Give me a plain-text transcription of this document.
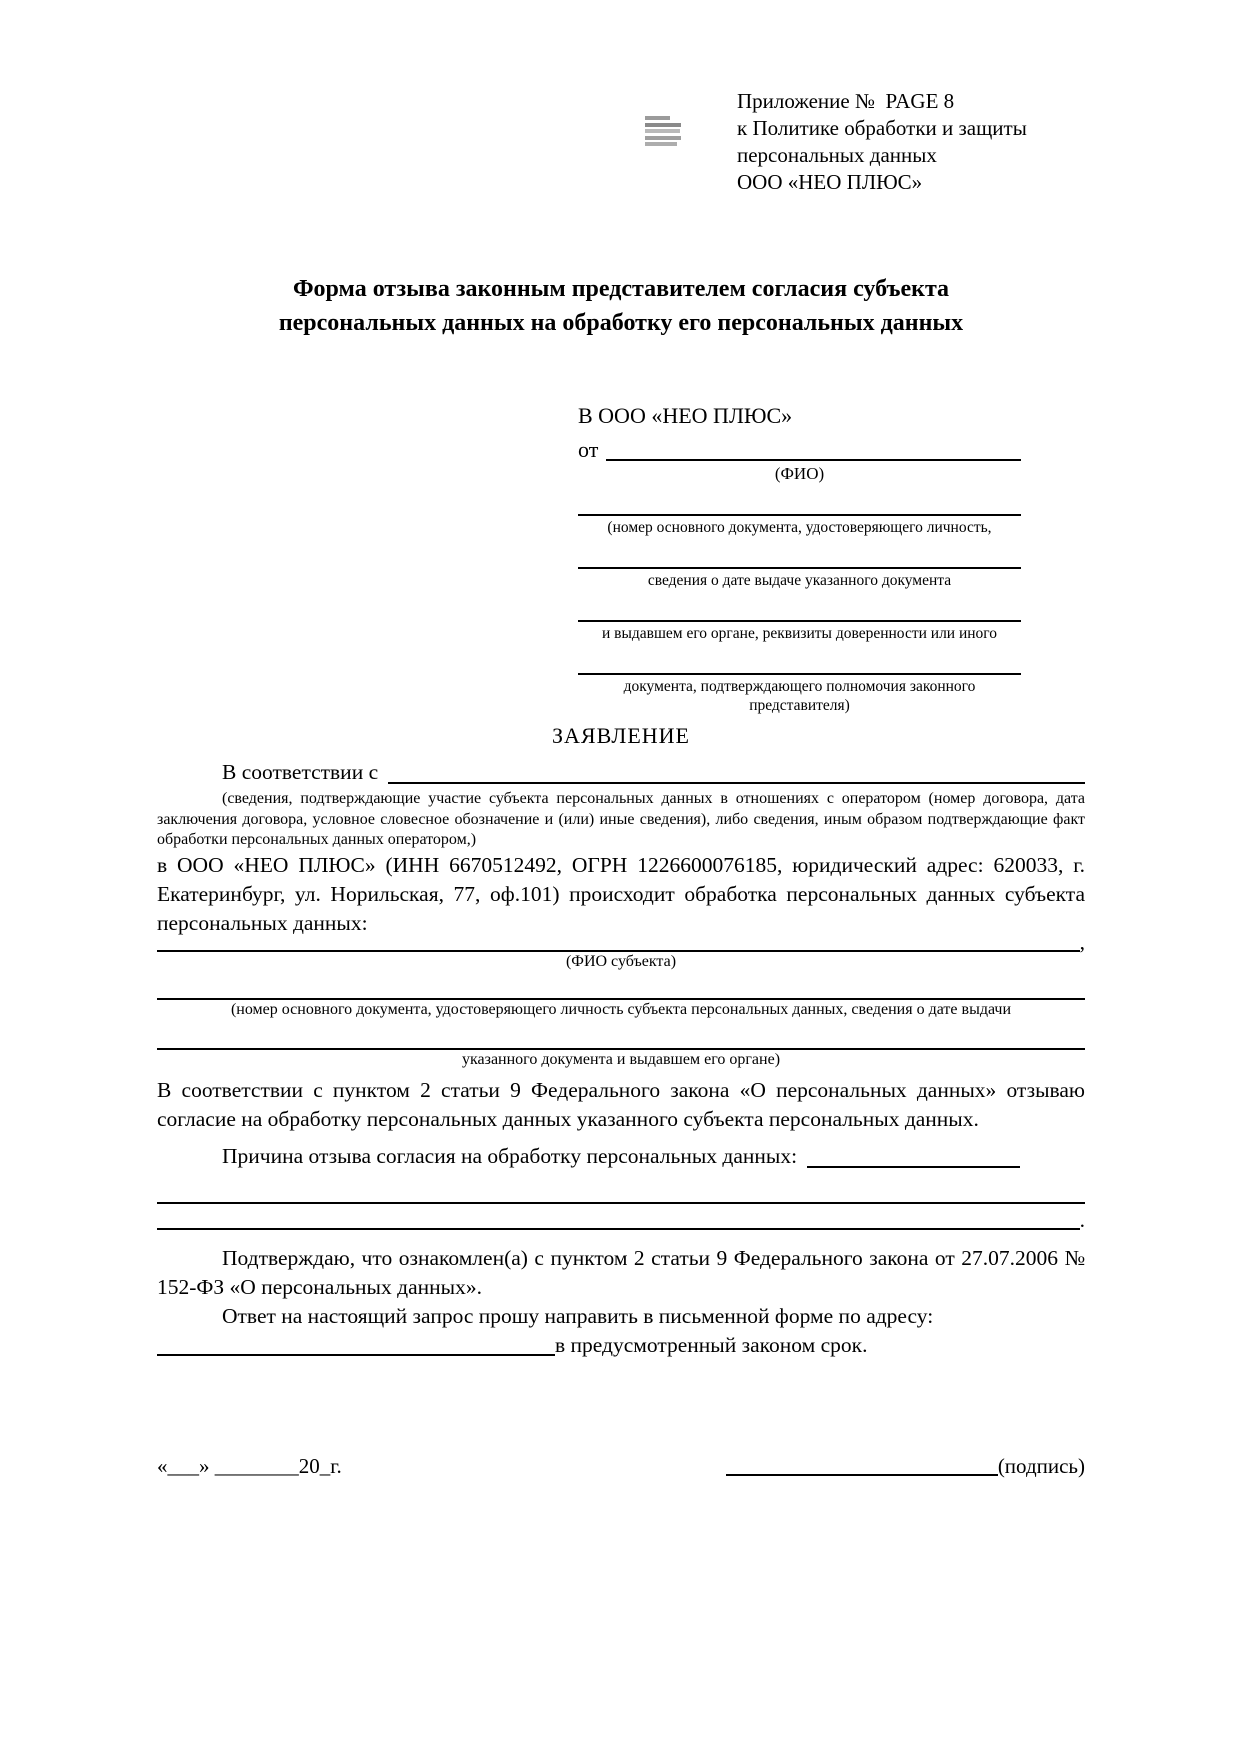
Приложение №  PAGE 8
к Политике обработки и защиты
персональных данных
ООО «НЕО ПЛЮС»
Форма отзыва законным представителем согласия субъекта
персональных данных на обработку его персональных данных
В ООО «НЕО ПЛЮС»
от
(ФИО)
(номер основного документа, удостоверяющего личность,
сведения о дате выдаче указанного документа
и выдавшем его органе, реквизиты доверенности или иного
документа, подтверждающего полномочия законного представителя)
ЗАЯВЛЕНИЕ
В соответствии с
(сведения, подтверждающие участие субъекта персональных данных в отношениях с оператором (номер договора, дата заключения договора, условное словесное обозначение и (или) иные сведения), либо сведения, иным образом подтверждающие факт обработки персональных данных оператором,)
в ООО «НЕО ПЛЮС» (ИНН 6670512492, ОГРН 1226600076185, юридический адрес: 620033, г. Екатеринбург, ул. Норильская, 77, оф.101) происходит обработка персональных данных субъекта персональных данных:
,
(ФИО субъекта)
(номер основного документа, удостоверяющего личность субъекта персональных данных, сведения о дате выдачи
указанного документа и выдавшем его органе)
В соответствии с пунктом 2 статьи 9 Федерального закона «О персональных данных» отзываю согласие на обработку персональных данных указанного субъекта персональных данных.
Причина отзыва согласия на обработку персональных данных:
.
Подтверждаю, что ознакомлен(а) с пунктом 2 статьи 9 Федерального закона от 27.07.2006 № 152-ФЗ «О персональных данных».
Ответ на настоящий запрос прошу направить в письменной форме по адресу:
в предусмотренный законом срок.
«___» ________20_г.	(подпись)
